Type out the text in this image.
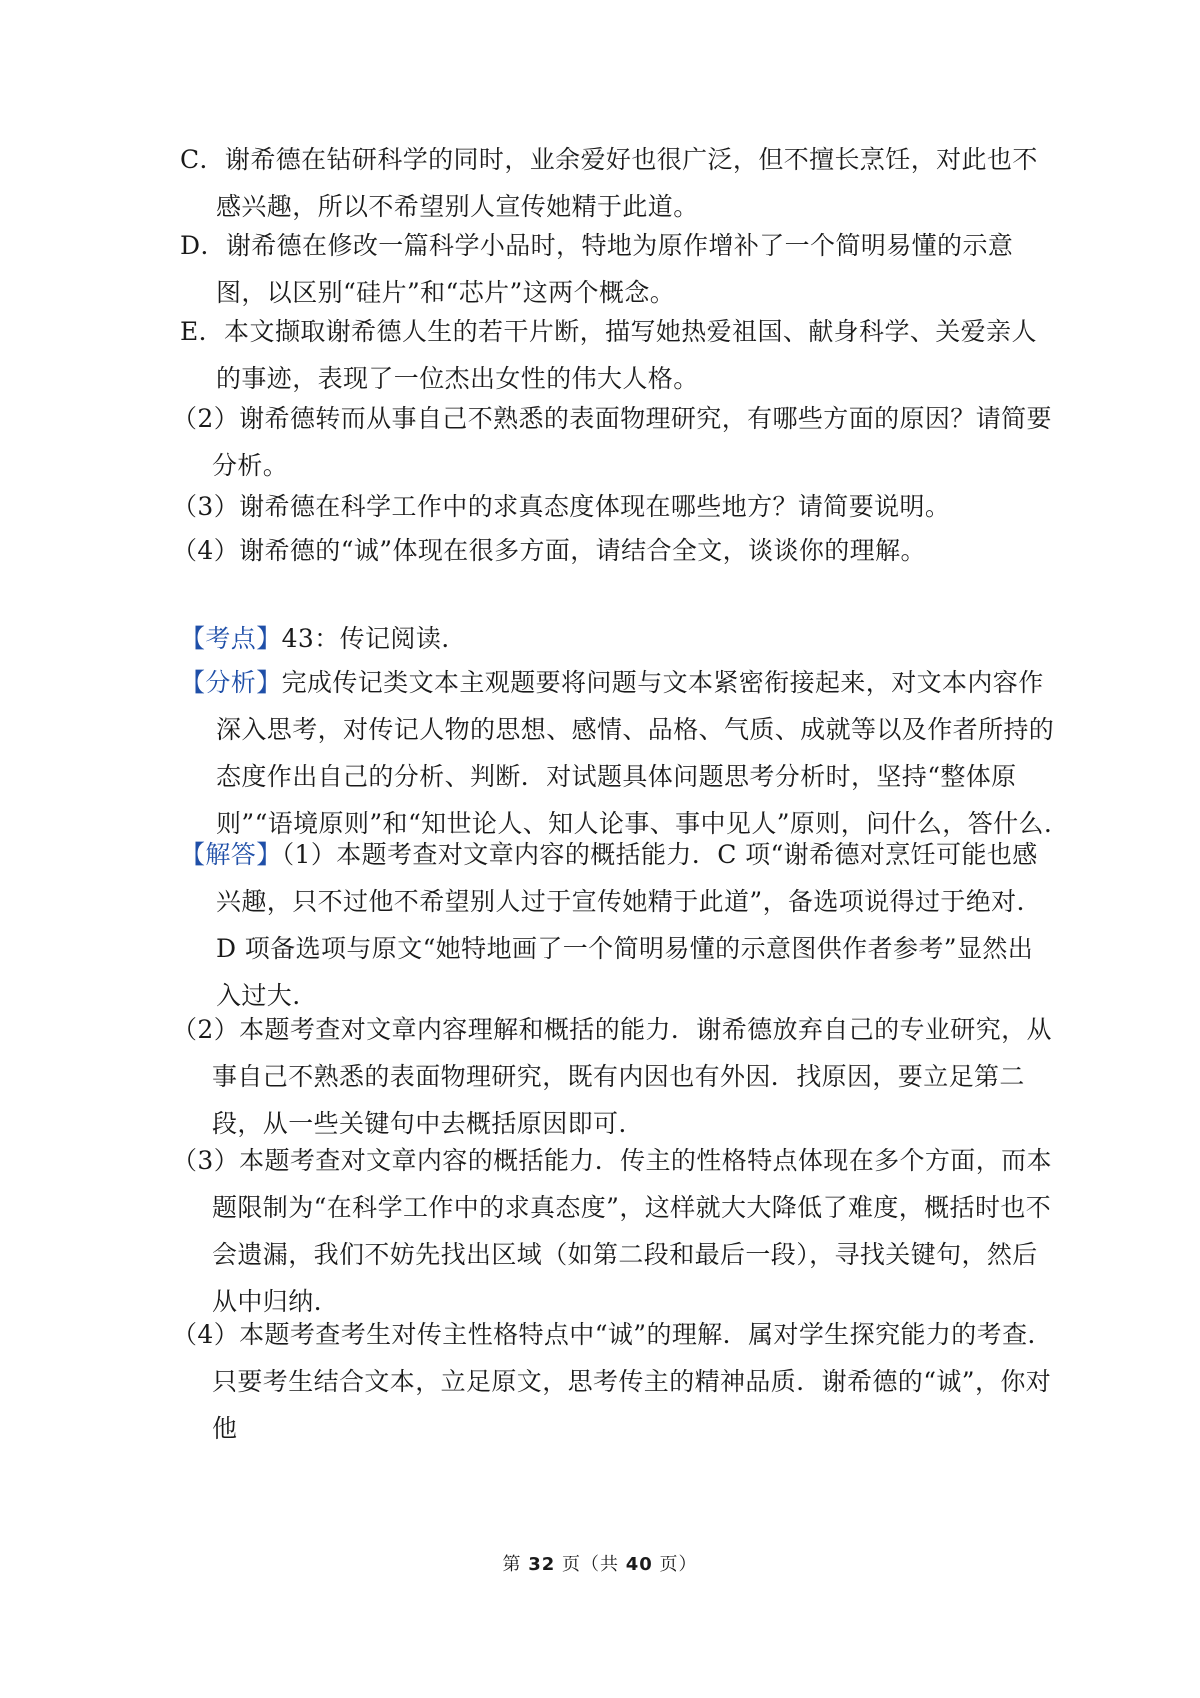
C．谢希德在钻研科学的同时，业余爱好也很广泛，但不擅长烹饪，对此也不感兴趣，所以不希望别人宣传她精于此道。

D．谢希德在修改一篇科学小品时，特地为原作增补了一个简明易懂的示意图，以区别“硅片”和“芯片”这两个概念。

E．本文撷取谢希德人生的若干片断，描写她热爱祖国、献身科学、关爱亲人的事迹，表现了一位杰出女性的伟大人格。

（2）谢希德转而从事自己不熟悉的表面物理研究，有哪些方面的原因？请简要分析。

（3）谢希德在科学工作中的求真态度体现在哪些地方？请简要说明。

（4）谢希德的“诚”体现在很多方面，请结合全文，谈谈你的理解。

【考点】43：传记阅读.

【分析】完成传记类文本主观题要将问题与文本紧密衔接起来，对文本内容作深入思考，对传记人物的思想、感情、品格、气质、成就等以及作者所持的态度作出自己的分析、判断．对试题具体问题思考分析时，坚持“整体原则”“语境原则”和“知世论人、知人论事、事中见人”原则，问什么，答什么.

【解答】（1）本题考查对文章内容的概括能力．C 项“谢希德对烹饪可能也感兴趣，只不过他不希望别人过于宣传她精于此道”，备选项说得过于绝对．D 项备选项与原文“她特地画了一个简明易懂的示意图供作者参考”显然出入过大.

（2）本题考查对文章内容理解和概括的能力．谢希德放弃自己的专业研究，从事自己不熟悉的表面物理研究，既有内因也有外因．找原因，要立足第二段，从一些关键句中去概括原因即可.

（3）本题考查对文章内容的概括能力．传主的性格特点体现在多个方面，而本题限制为“在科学工作中的求真态度”，这样就大大降低了难度，概括时也不会遗漏，我们不妨先找出区域（如第二段和最后一段），寻找关键句，然后从中归纳.

（4）本题考查考生对传主性格特点中“诚”的理解．属对学生探究能力的考查．只要考生结合文本，立足原文，思考传主的精神品质．谢希德的“诚”，你对他

第 32 页（共 40 页）
